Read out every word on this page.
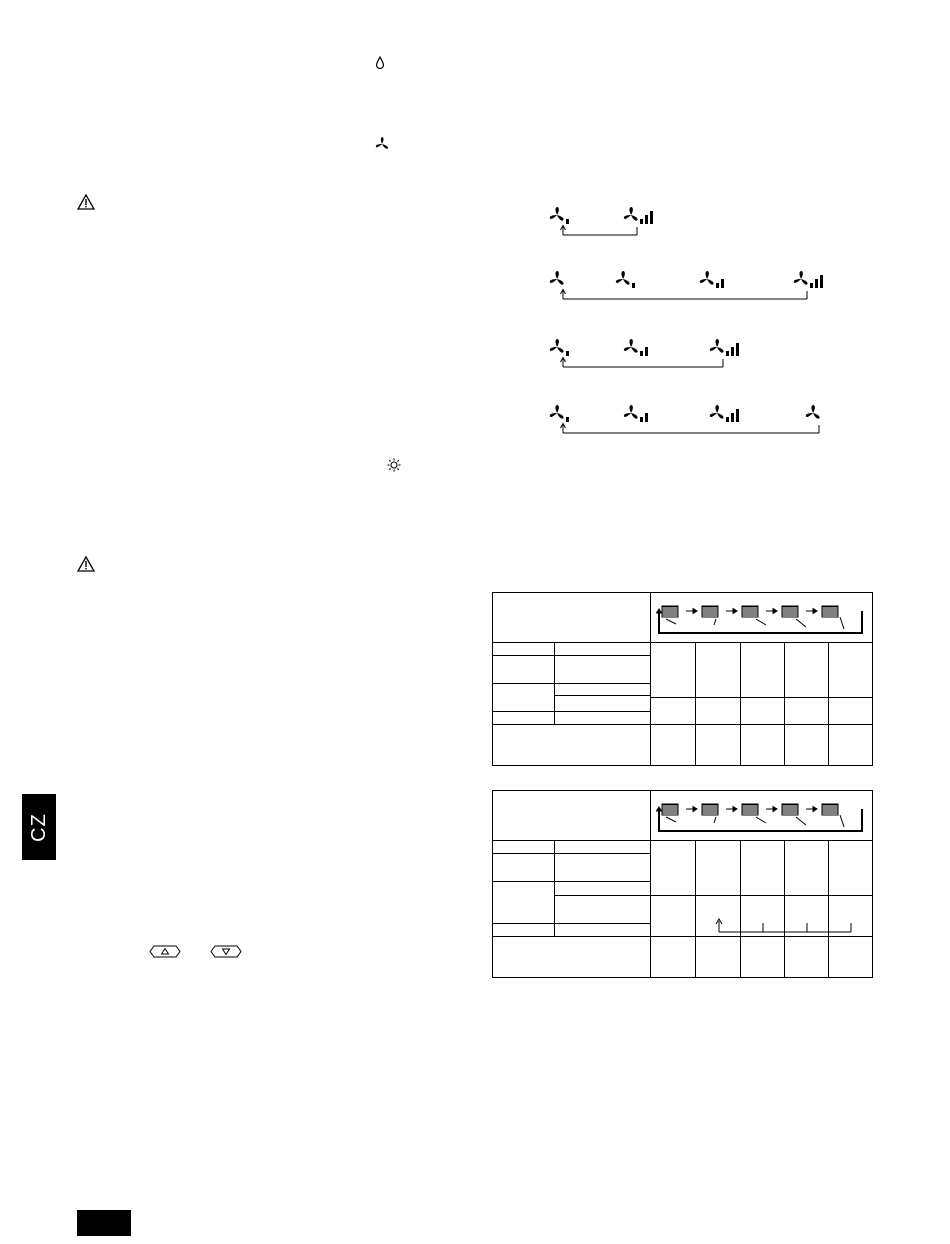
CZ
